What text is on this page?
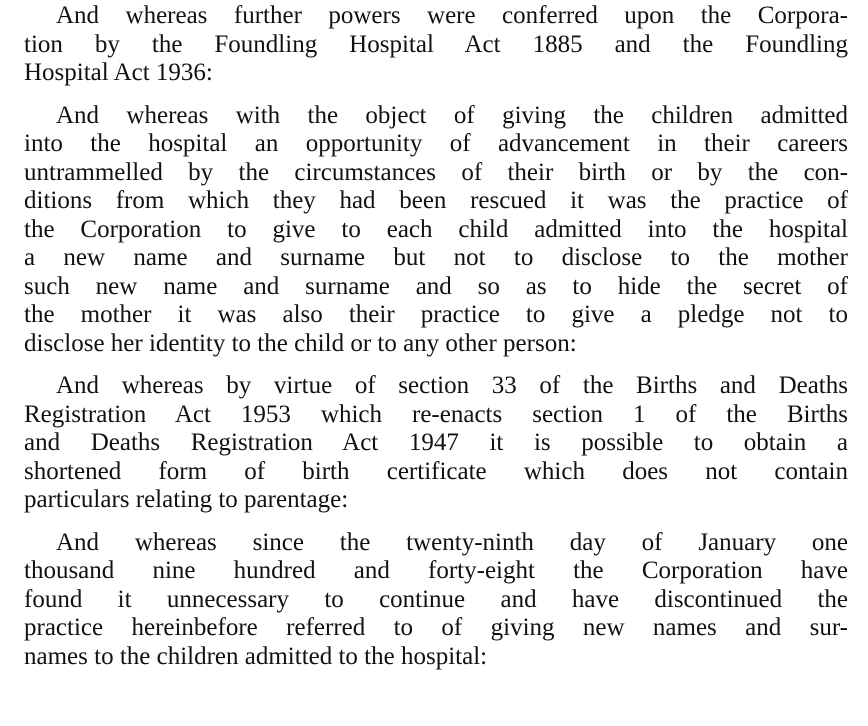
And whereas further powers were conferred upon the Corpora-
tion by the Foundling Hospital Act 1885 and the Foundling
Hospital Act 1936:
And whereas with the object of giving the children admitted
into the hospital an opportunity of advancement in their careers
untrammelled by the circumstances of their birth or by the con-
ditions from which they had been rescued it was the practice of
the Corporation to give to each child admitted into the hospital
a new name and surname but not to disclose to the mother
such new name and surname and so as to hide the secret of
the mother it was also their practice to give a pledge not to
disclose her identity to the child or to any other person:
And whereas by virtue of section 33 of the Births and Deaths
Registration Act 1953 which re-enacts section 1 of the Births
and Deaths Registration Act 1947 it is possible to obtain a
shortened form of birth certificate which does not contain
particulars relating to parentage:
And whereas since the twenty-ninth day of January one
thousand nine hundred and forty-eight the Corporation have
found it unnecessary to continue and have discontinued the
practice hereinbefore referred to of giving new names and sur-
names to the children admitted to the hospital:
